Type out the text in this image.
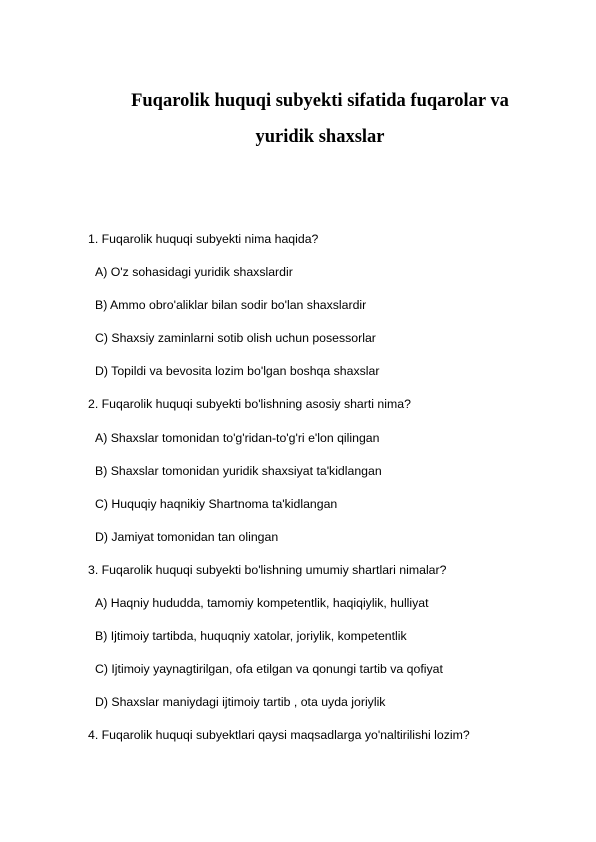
Fuqarolik huquqi subyekti sifatida fuqarolar va
yuridik shaxslar
1. Fuqarolik huquqi subyekti nima haqida?
A) O'z sohasidagi yuridik shaxslardir
B) Ammo obro'aliklar bilan sodir bo'lan shaxslardir
C) Shaxsiy zaminlarni sotib olish uchun posessorlar
D) Topildi va bevosita lozim bo'lgan boshqa shaxslar
2. Fuqarolik huquqi subyekti bo'lishning asosiy sharti nima?
A) Shaxslar tomonidan to'g'ridan-to'g'ri e'lon qilingan
B) Shaxslar tomonidan yuridik shaxsiyat ta'kidlangan
C) Huquqiy haqnikiy Shartnoma ta'kidlangan
D) Jamiyat tomonidan tan olingan
3. Fuqarolik huquqi subyekti bo'lishning umumiy shartlari nimalar?
A) Haqniy hududda, tamomiy kompetentlik, haqiqiylik, hulliyat
B) Ijtimoiy tartibda, huquqniy xatolar, joriylik, kompetentlik
C) Ijtimoiy yaynagtirilgan, ofa etilgan va qonungi tartib va qofiyat
D) Shaxslar maniydagi ijtimoiy tartib , ota uyda joriylik
4. Fuqarolik huquqi subyektlari qaysi maqsadlarga yo'naltirilishi lozim?
